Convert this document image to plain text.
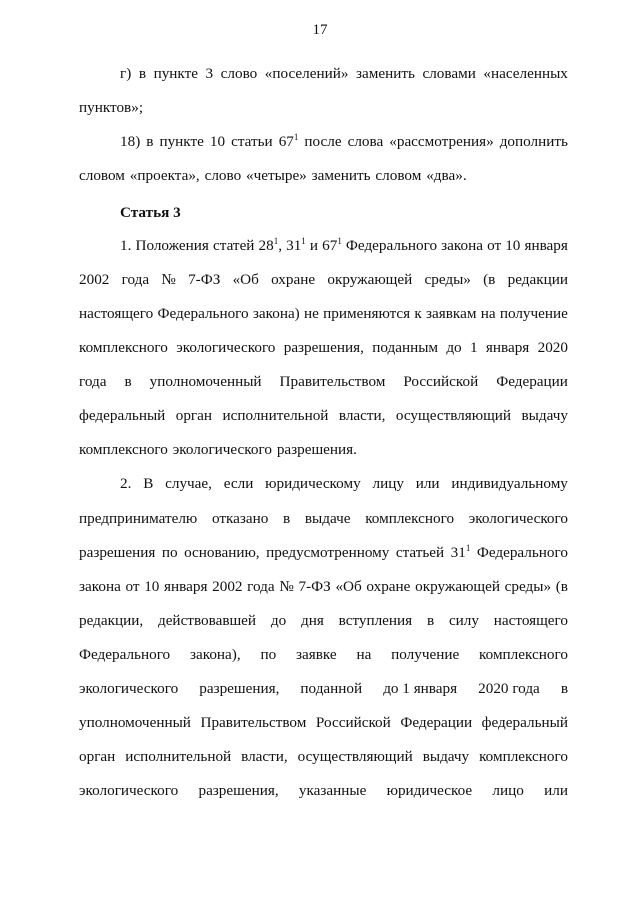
17
г) в пункте 3 слово «поселений» заменить словами «населенных
пунктов»;
18) в пункте 10 статьи $67^1$ после слова «рассмотрения» дополнить
словом «проекта», слово «четыре» заменить словом «два».
Статья 3
1. Положения статей $28^1$, $31^1$ и $67^1$ Федерального закона от 10 января
2002 года № 7-ФЗ «Об охране окружающей среды» (в редакции
настоящего Федерального закона) не применяются к заявкам на получение
комплексного экологического разрешения, поданным до 1 января 2020
года в уполномоченный Правительством Российской Федерации
федеральный орган исполнительной власти, осуществляющий выдачу
комплексного экологического разрешения.
2. В случае, если юридическому лицу или индивидуальному
предпринимателю отказано в выдаче комплексного экологического
разрешения по основанию, предусмотренному статьей $31^1$ Федерального
закона от 10 января 2002 года № 7-ФЗ «Об охране окружающей среды» (в
редакции, действовавшей до дня вступления в силу настоящего
Федерального закона), по заявке на получение комплексного
экологического разрешения, поданной до 1 января 2020 года в
уполномоченный Правительством Российской Федерации федеральный
орган исполнительной власти, осуществляющий выдачу комплексного
экологического разрешения, указанные юридическое лицо или
